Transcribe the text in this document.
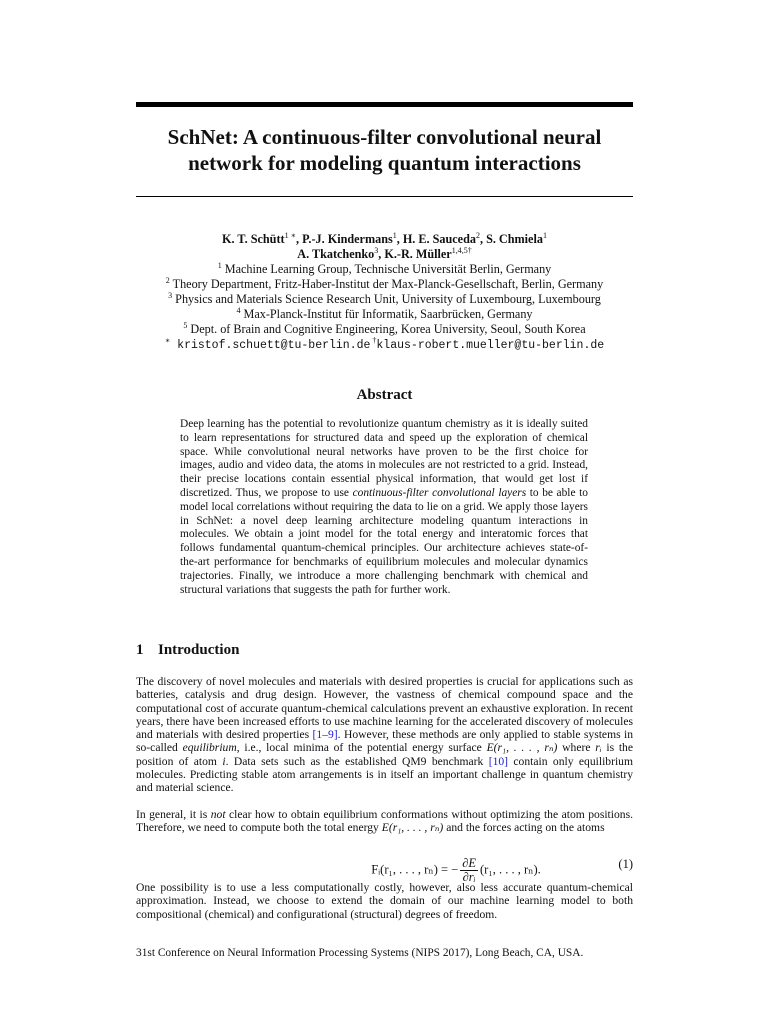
SchNet: A continuous-filter convolutional neural
network for modeling quantum interactions
K. T. Schütt$^{1 ∗}$, P.-J. Kindermans$^1$, H. E. Sauceda$^2$, S. Chmiela$^1$
A. Tkatchenko$^3$, K.-R. Müller$^{1,4,5\dagger}$
$^1$ Machine Learning Group, Technische Universität Berlin, Germany
$^2$ Theory Department, Fritz-Haber-Institut der Max-Planck-Gesellschaft, Berlin, Germany
$^3$ Physics and Materials Science Research Unit, University of Luxembourg, Luxembourg
$^4$ Max-Planck-Institut für Informatik, Saarbrücken, Germany
$^5$ Dept. of Brain and Cognitive Engineering, Korea University, Seoul, South Korea
∗ kristof.schuett@tu-berlin.de †klaus-robert.mueller@tu-berlin.de
Abstract
Deep learning has the potential to revolutionize quantum chemistry as it is ideally suited to learn representations for structured data and speed up the exploration of chemical space. While convolutional neural networks have proven to be the first choice for images, audio and video data, the atoms in molecules are not restricted to a grid. Instead, their precise locations contain essential physical information, that would get lost if discretized. Thus, we propose to use continuous-filter convolutional layers to be able to model local correlations without requiring the data to lie on a grid. We apply those layers in SchNet: a novel deep learning architecture modeling quantum interactions in molecules. We obtain a joint model for the total energy and interatomic forces that follows fundamental quantum-chemical principles. Our architecture achieves state-of-the-art performance for benchmarks of equilibrium molecules and molecular dynamics trajectories. Finally, we introduce a more challenging benchmark with chemical and structural variations that suggests the path for further work.
1 Introduction

The discovery of novel molecules and materials with desired properties is crucial for applications such as batteries, catalysis and drug design. However, the vastness of chemical compound space and the computational cost of accurate quantum-chemical calculations prevent an exhaustive exploration. In recent years, there have been increased efforts to use machine learning for the accelerated discovery of molecules and materials with desired properties [1–9]. However, these methods are only applied to stable systems in so-called equilibrium, i.e., local minima of the potential energy surface E(r₁, . . . , rₙ) where rᵢ is the position of atom i. Data sets such as the established QM9 benchmark [10] contain only equilibrium molecules. Predicting stable atom arrangements is in itself an important challenge in quantum chemistry and material science.

In general, it is not clear how to obtain equilibrium conformations without optimizing the atom positions. Therefore, we need to compute both the total energy E(r₁, . . . , rₙ) and the forces acting on the atoms

Fᵢ(r₁, . . . , rₙ) = − $\frac{\partial E}{\text{∂rᵢ}} (r_1$, . . . , rₙ).	(1)

One possibility is to use a less computationally costly, however, also less accurate quantum-chemical approximation. Instead, we choose to extend the domain of our machine learning model to both compositional (chemical) and configurational (structural) degrees of freedom.

31st Conference on Neural Information Processing Systems (NIPS 2017), Long Beach, CA, USA.
